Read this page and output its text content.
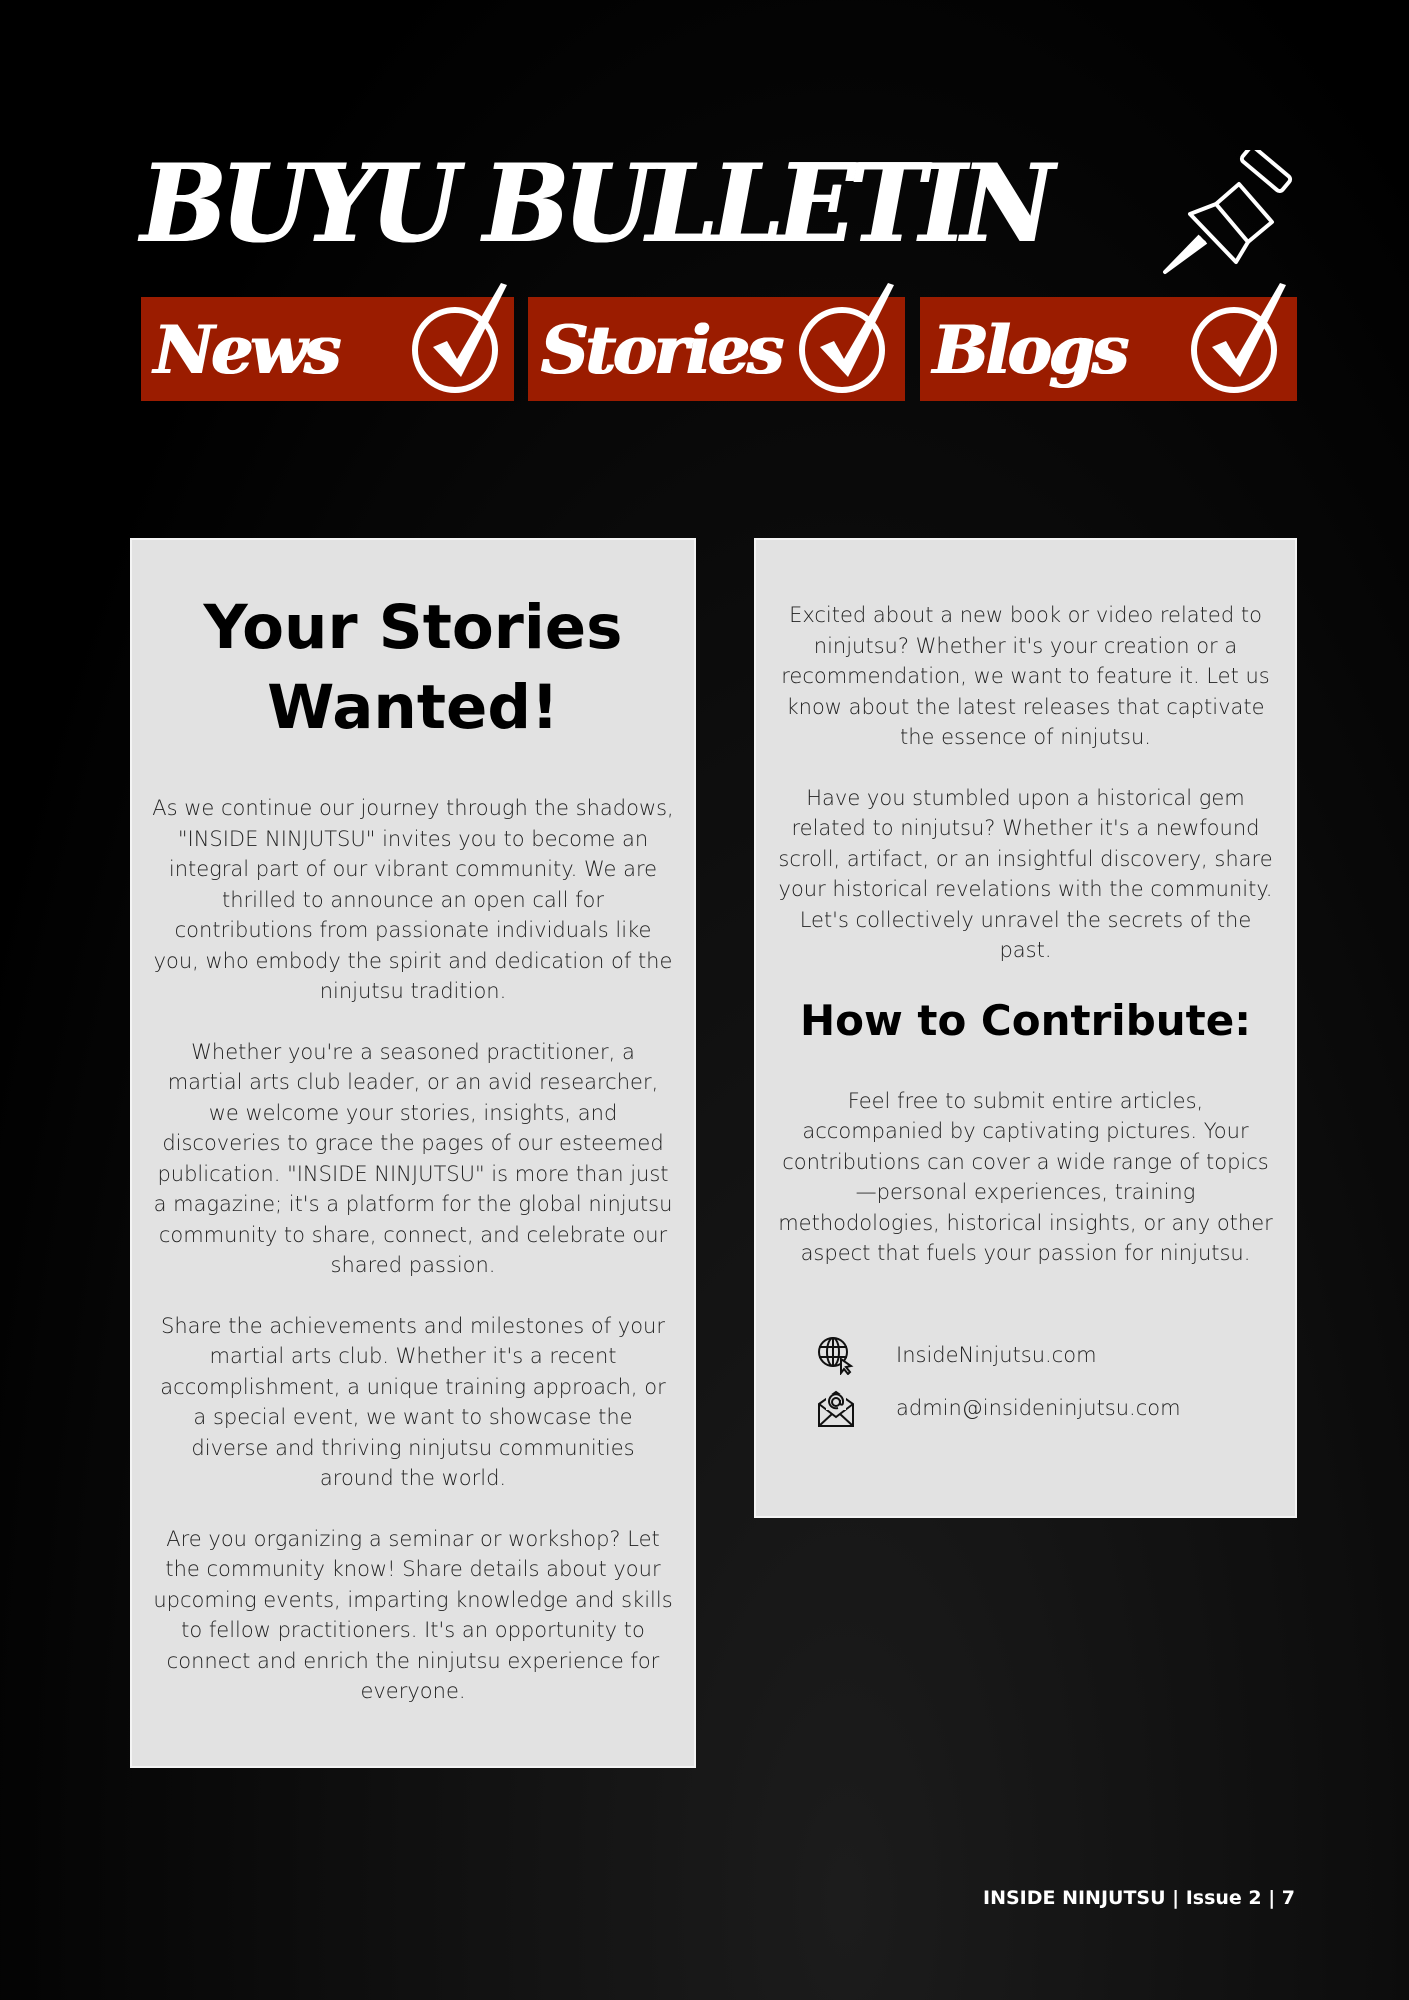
BUYU BULLETIN
News	Stories Blogs
Your Stories
Wanted!

As we continue our journey through the shadows, "INSIDE NINJUTSU" invites you to become an integral part of our vibrant community. We are thrilled to announce an open call for contributions from passionate individuals like you, who embody the spirit and dedication of the ninjutsu tradition.

Whether you're a seasoned practitioner, a martial arts club leader, or an avid researcher, we welcome your stories, insights, and discoveries to grace the pages of our esteemed publication. "INSIDE NINJUTSU" is more than just a magazine; it's a platform for the global ninjutsu community to share, connect, and celebrate our shared passion.

Share the achievements and milestones of your martial arts club. Whether it's a recent accomplishment, a unique training approach, or a special event, we want to showcase the diverse and thriving ninjutsu communities around the world.

Are you organizing a seminar or workshop? Let the community know! Share details about your upcoming events, imparting knowledge and skills to fellow practitioners. It's an opportunity to connect and enrich the ninjutsu experience for everyone.

Excited about a new book or video related to ninjutsu? Whether it's your creation or a recommendation, we want to feature it. Let us know about the latest releases that captivate the essence of ninjutsu.

Have you stumbled upon a historical gem related to ninjutsu? Whether it's a newfound scroll, artifact, or an insightful discovery, share your historical revelations with the community. Let's collectively unravel the secrets of the past.

How to Contribute:

Feel free to submit entire articles, accompanied by captivating pictures. Your contributions can cover a wide range of topics—personal experiences, training methodologies, historical insights, or any other aspect that fuels your passion for ninjutsu.

InsideNinjutsu.com
admin@insideninjutsu.com
INSIDE NINJUTSU | Issue 2 | 7
